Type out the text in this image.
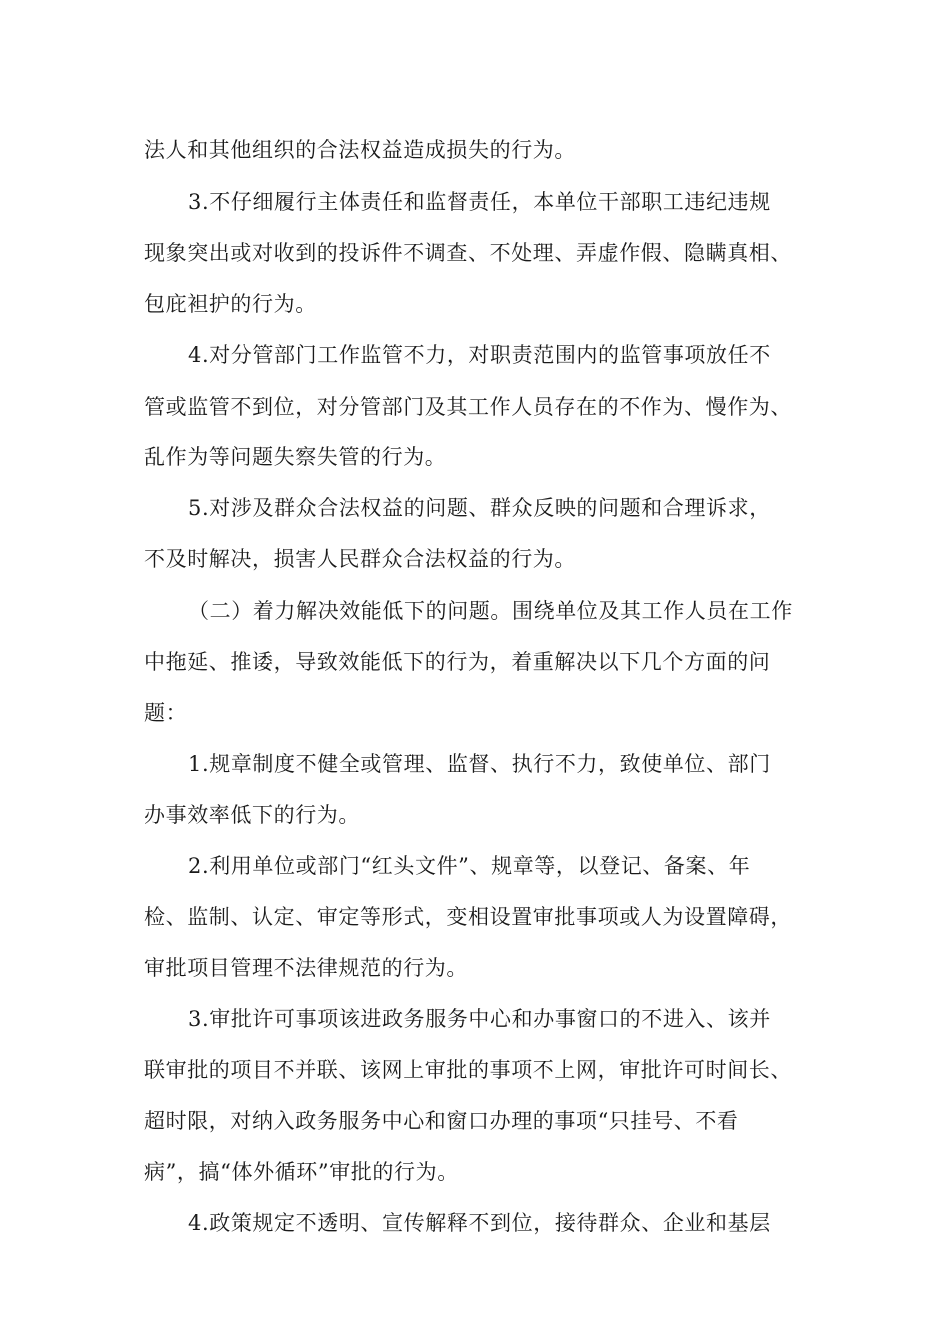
法人和其他组织的合法权益造成损失的行为。
3.不仔细履行主体责任和监督责任，本单位干部职工违纪违规
现象突出或对收到的投诉件不调查、不处理、弄虚作假、隐瞒真相、
包庇袒护的行为。
4.对分管部门工作监管不力，对职责范围内的监管事项放任不
管或监管不到位，对分管部门及其工作人员存在的不作为、慢作为、
乱作为等问题失察失管的行为。
5.对涉及群众合法权益的问题、群众反映的问题和合理诉求，
不及时解决，损害人民群众合法权益的行为。
（二）着力解决效能低下的问题。围绕单位及其工作人员在工作
中拖延、推诿，导致效能低下的行为，着重解决以下几个方面的问
题：
1.规章制度不健全或管理、监督、执行不力，致使单位、部门
办事效率低下的行为。
2.利用单位或部门“红头文件”、规章等，以登记、备案、年
检、监制、认定、审定等形式，变相设置审批事项或人为设置障碍，
审批项目管理不法律规范的行为。
3.审批许可事项该进政务服务中心和办事窗口的不进入、该并
联审批的项目不并联、该网上审批的事项不上网，审批许可时间长、
超时限，对纳入政务服务中心和窗口办理的事项“只挂号、不看
病”，搞“体外循环”审批的行为。
4.政策规定不透明、宣传解释不到位，接待群众、企业和基层
